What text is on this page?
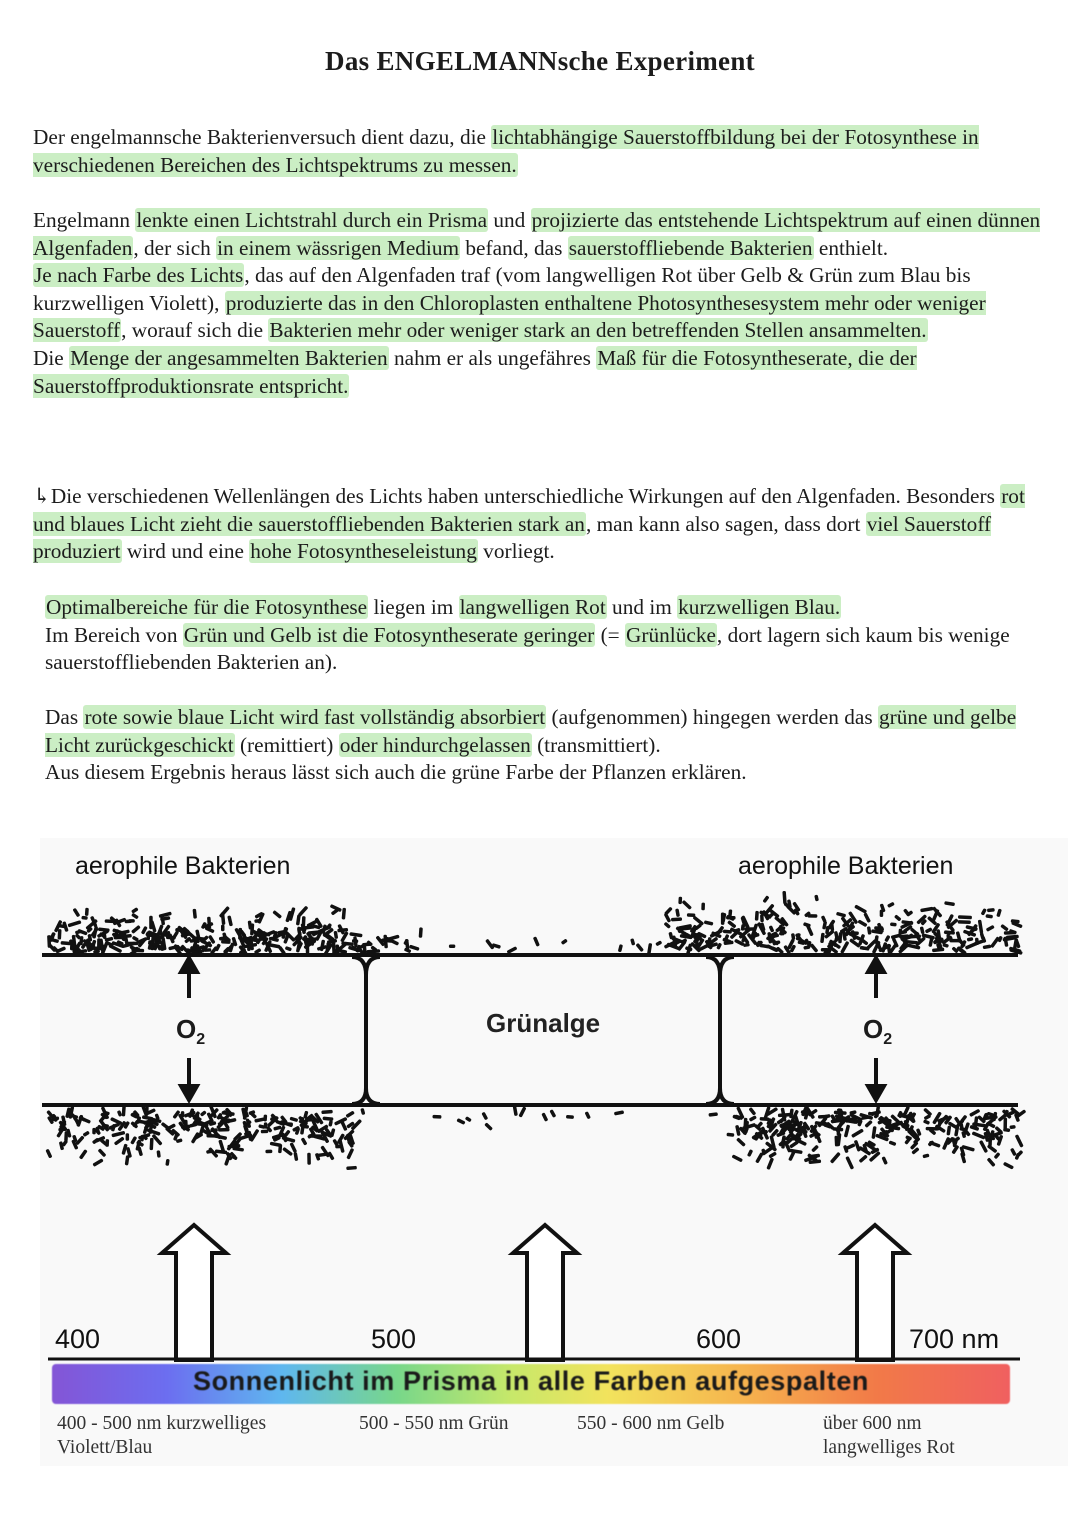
Das ENGELMANNsche Experiment
Der engelmannsche Bakterienversuch dient dazu, die lichtabhängige Sauerstoffbildung bei der Fotosynthese in verschiedenen Bereichen des Lichtspektrums zu messen.
Engelmann lenkte einen Lichtstrahl durch ein Prisma und projizierte das entstehende Lichtspektrum auf einen dünnen Algenfaden, der sich in einem wässrigen Medium befand, das sauerstoffliebende Bakterien enthielt.
Je nach Farbe des Lichts, das auf den Algenfaden traf (vom langwelligen Rot über Gelb & Grün zum Blau bis kurzwelligen Violett), produzierte das in den Chloroplasten enthaltene Photosynthesesystem mehr oder weniger Sauerstoff, worauf sich die Bakterien mehr oder weniger stark an den betreffenden Stellen ansammelten.
Die Menge der angesammelten Bakterien nahm er als ungefähres Maß für die Fotosyntheserate, die der Sauerstoffproduktionsrate entspricht.
↳Die verschiedenen Wellenlängen des Lichts haben unterschiedliche Wirkungen auf den Algenfaden. Besonders rot und blaues Licht zieht die sauerstoffliebenden Bakterien stark an, man kann also sagen, dass dort viel Sauerstoff produziert wird und eine hohe Fotosyntheseleistung vorliegt.
Optimalbereiche für die Fotosynthese liegen im langwelligen Rot und im kurzwelligen Blau.
Im Bereich von Grün und Gelb ist die Fotosyntheserate geringer (= Grünlücke, dort lagern sich kaum bis wenige sauerstoffliebenden Bakterien an).
Das rote sowie blaue Licht wird fast vollständig absorbiert (aufgenommen) hingegen werden das grüne und gelbe Licht zurückgeschickt (remittiert) oder hindurchgelassen (transmittiert).
Aus diesem Ergebnis heraus lässt sich auch die grüne Farbe der Pflanzen erklären.
aerophile Bakterien	aerophile Bakterien
Grünalge
$O_2$	$O_2$
400	500	600	700 nm
Sonnenlicht im Prisma in alle Farben aufgespalten
400 - 500 nm kurzwelliges Violett/Blau
500 - 550 nm Grün	550 - 600 nm Gelb	über 600 nm langwelliges Rot
